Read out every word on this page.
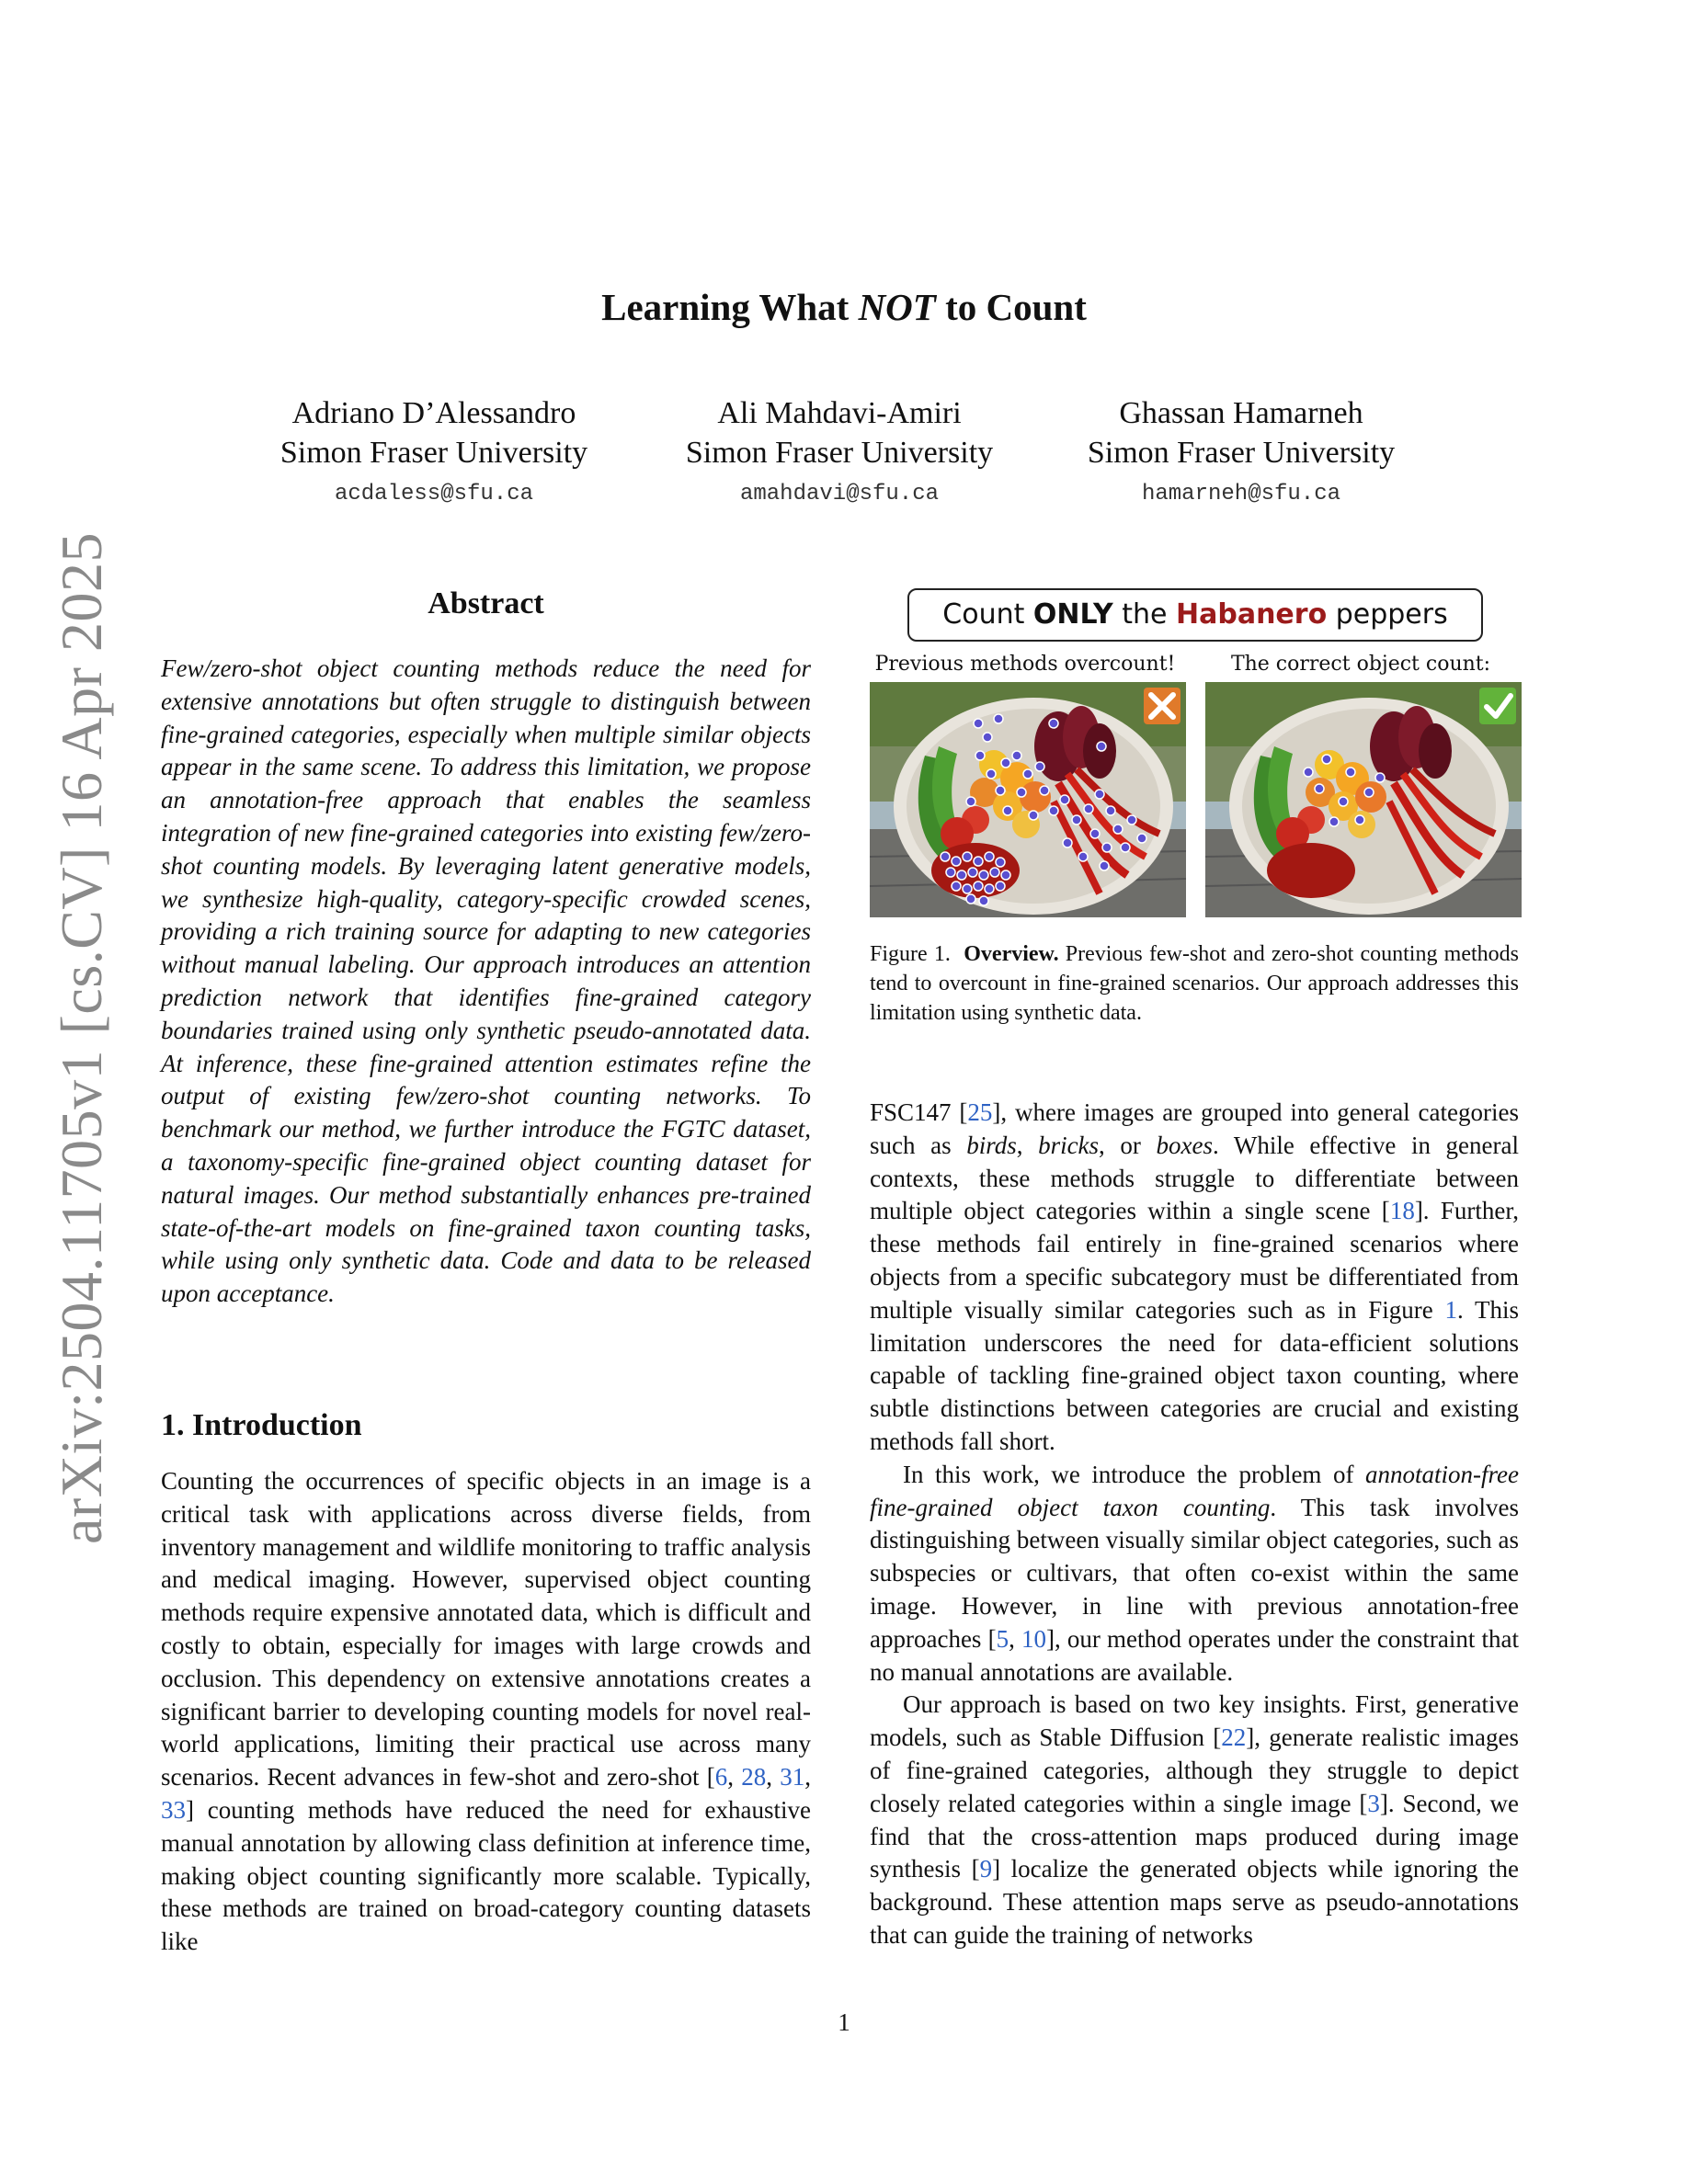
arXiv:2504.11705v1 [cs.CV] 16 Apr 2025
Learning What NOT to Count
Adriano D’Alessandro
Simon Fraser University
acdaless@sfu.ca
Ali Mahdavi-Amiri
Simon Fraser University
amahdavi@sfu.ca
Ghassan Hamarneh
Simon Fraser University
hamarneh@sfu.ca
Abstract

Few/zero-shot object counting methods reduce the need for extensive annotations but often struggle to distinguish between fine-grained categories, especially when multiple similar objects appear in the same scene. To address this limitation, we propose an annotation-free approach that enables the seamless integration of new fine-grained categories into existing few/zero-shot counting models. By leveraging latent generative models, we synthesize high-quality, category-specific crowded scenes, providing a rich training source for adapting to new categories without manual labeling. Our approach introduces an attention prediction network that identifies fine-grained category boundaries trained using only synthetic pseudo-annotated data. At inference, these fine-grained attention estimates refine the output of existing few/zero-shot counting networks. To benchmark our method, we further introduce the FGTC dataset, a taxonomy-specific fine-grained object counting dataset for natural images. Our method substantially enhances pre-trained state-of-the-art models on fine-grained taxon counting tasks, while using only synthetic data. Code and data to be released upon acceptance.

1. Introduction

Counting the occurrences of specific objects in an image is a critical task with applications across diverse fields, from inventory management and wildlife monitoring to traffic analysis and medical imaging. However, supervised object counting methods require expensive annotated data, which is difficult and costly to obtain, especially for images with large crowds and occlusion. This dependency on extensive annotations creates a significant barrier to developing counting models for novel real-world applications, limiting their practical use across many scenarios. Recent advances in few-shot and zero-shot [6, 28, 31, 33] counting methods have reduced the need for exhaustive manual annotation by allowing class definition at inference time, making object counting significantly more scalable. Typically, these methods are trained on broad-category counting datasets like

Count ONLY the Habanero peppers
Previous methods overcount!	The correct object count:
Figure 1. Overview. Previous few-shot and zero-shot counting methods tend to overcount in fine-grained scenarios. Our approach addresses this limitation using synthetic data.

FSC147 [25], where images are grouped into general categories such as birds, bricks, or boxes. While effective in general contexts, these methods struggle to differentiate between multiple object categories within a single scene [18]. Further, these methods fail entirely in fine-grained scenarios where objects from a specific subcategory must be differentiated from multiple visually similar categories such as in Figure 1. This limitation underscores the need for data-efficient solutions capable of tackling fine-grained object taxon counting, where subtle distinctions between categories are crucial and existing methods fall short.

In this work, we introduce the problem of annotation-free fine-grained object taxon counting. This task involves distinguishing between visually similar object categories, such as subspecies or cultivars, that often co-exist within the same image. However, in line with previous annotation-free approaches [5, 10], our method operates under the constraint that no manual annotations are available.

Our approach is based on two key insights. First, generative models, such as Stable Diffusion [22], generate realistic images of fine-grained categories, although they struggle to depict closely related categories within a single image [3]. Second, we find that the cross-attention maps produced during image synthesis [9] localize the generated objects while ignoring the background. These attention maps serve as pseudo-annotations that can guide the training of networks

1
